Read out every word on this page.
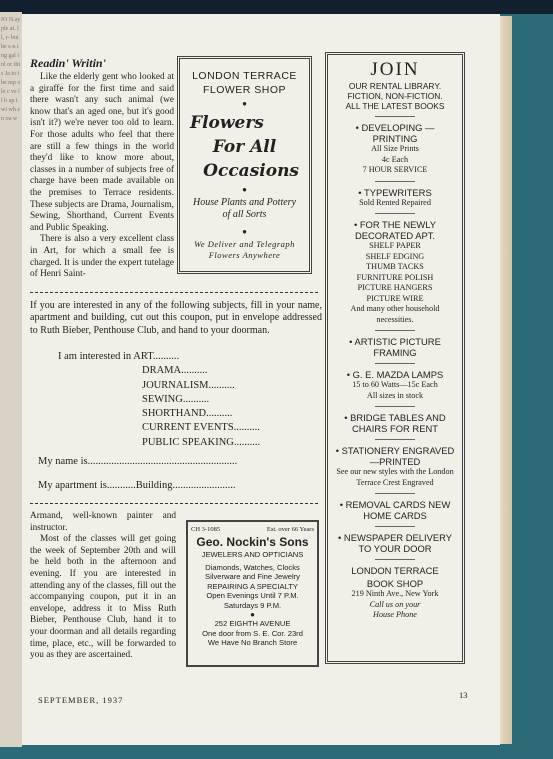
IO N.ay ple at. ll, r- but be s-n ing gal inl or this Ja to the mp ole c ve ll b ap t wi wh en ou w
Readin' Writin'

Like the elderly gent who looked at a giraffe for the first time and said there wasn't any such animal (we know that's an aged one, but it's good isn't it?) we're never too old to learn. For those adults who feel that there are still a few things in the world they'd like to know more about, classes in a number of subjects free of charge have been made available on the premises to Terrace residents. These subjects are Drama, Journalism, Sewing, Shorthand, Current Events and Public Speaking.

There is also a very excellent class in Art, for which a small fee is charged. It is under the expert tutelage of Henri Saint-

LONDON TERRACE
FLOWER SHOP
●
Flowers
For All
Occasions
●
House Plants and Pottery
of all Sorts
●
We Deliver and Telegraph
Flowers Anywhere
JOIN
OUR RENTAL LIBRARY.
FICTION, NON-FICTION.
ALL THE LATEST BOOKS
• DEVELOPING — PRINTING
All Size Prints
4c Each
7 HOUR SERVICE
• TYPEWRITERS
Sold Rented Repaired
• FOR THE NEWLY DECORATED APT.
SHELF PAPER
SHELF EDGING
THUMB TACKS
FURNITURE POLISH
PICTURE HANGERS
PICTURE WIRE
And many other household necessities.
• ARTISTIC PICTURE FRAMING
• G. E. MAZDA LAMPS
15 to 60 Watts—15c Each
All sizes in stock
• BRIDGE TABLES AND CHAIRS FOR RENT
• STATIONERY ENGRAVED—PRINTED
See our new styles with the London Terrace Crest Engraved
• REMOVAL CARDS NEW HOME CARDS
• NEWSPAPER DELIVERY TO YOUR DOOR
LONDON TERRACE
BOOK SHOP
219 Ninth Ave., New York
Call us on your
House Phone
If you are interested in any of the following subjects, fill in your name, apartment and building, cut out this coupon, put in envelope addressed to Ruth Bieber, Penthouse Club, and hand to your doorman.
I am interested in ART..........
DRAMA..........
JOURNALISM..........
SEWING..........
SHORTHAND..........
CURRENT EVENTS..........
PUBLIC SPEAKING..........
My name is.........................................................
My apartment is...........Building........................

Armand, well-known painter and instructor.

Most of the classes will get going the week of September 20th and will be held both in the afternoon and evening. If you are interested in attending any of the classes, fill out the accompanying coupon, put it in an envelope, address it to Miss Ruth Bieber, Penthouse Club, hand it to your doorman and all details regarding time, place, etc., will be forwarded to you as they are ascertained.

CH 3-1085	Est. over 66 Years
Geo. Nockin's Sons
JEWELERS AND OPTICIANS
Diamonds, Watches, Clocks
Silverware and Fine Jewelry
REPAIRING A SPECIALTY
Open Evenings Until 7 P.M.
Saturdays 9 P.M.
●
252 EIGHTH AVENUE
One door from S. E. Cor. 23rd
We Have No Branch Store
SEPTEMBER, 1937	13
